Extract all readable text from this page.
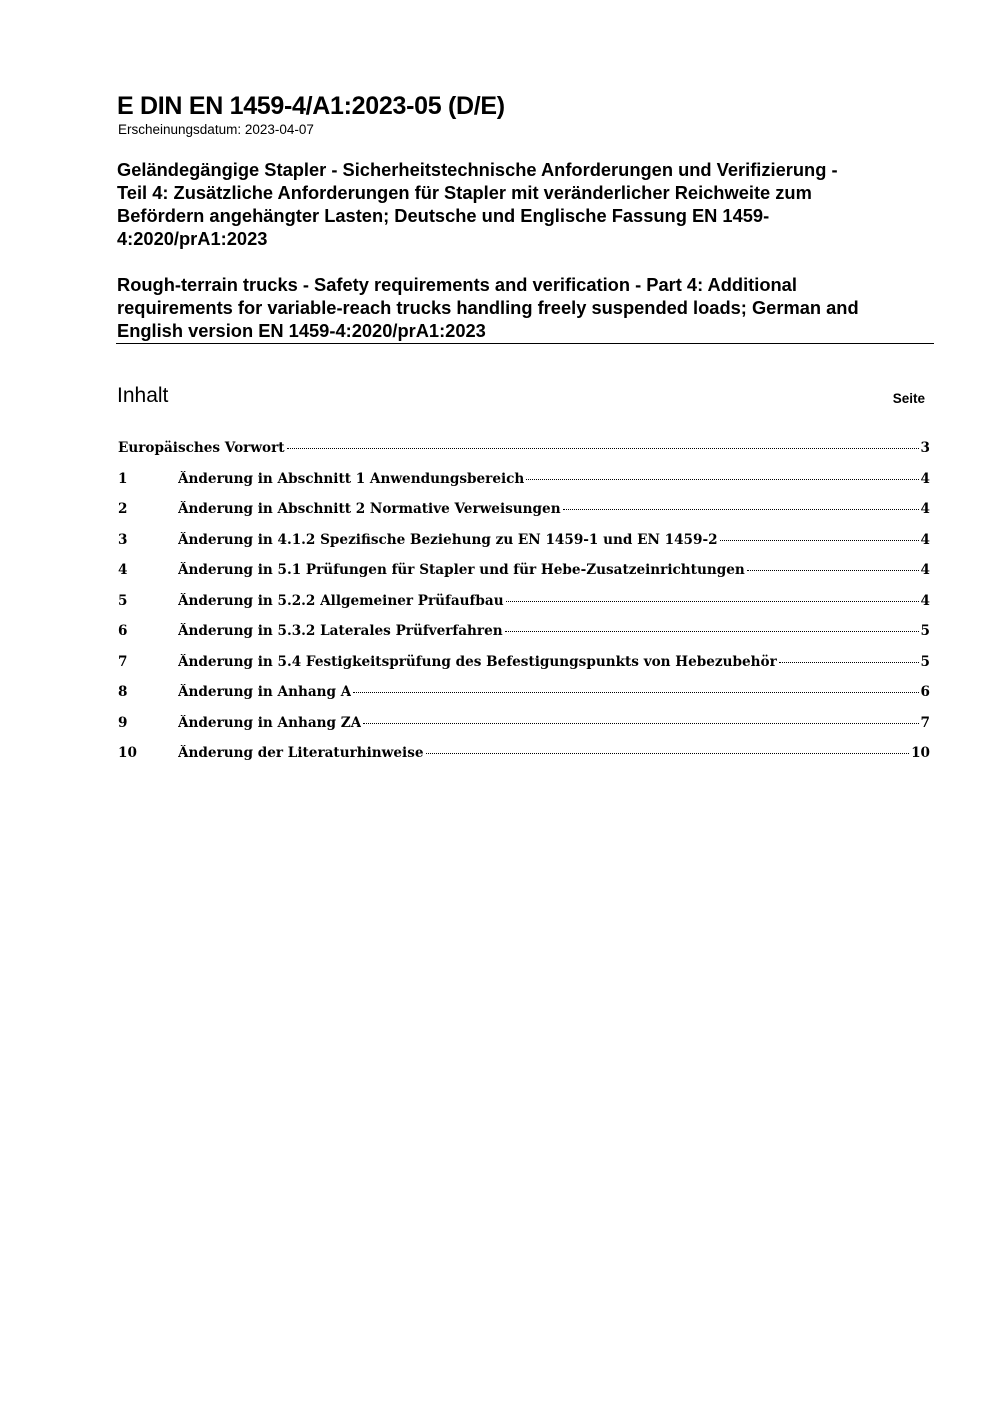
E DIN EN 1459-4/A1:2023-05 (D/E)
Erscheinungsdatum: 2023-04-07
Geländegängige Stapler - Sicherheitstechnische Anforderungen und Verifizierung -
Teil 4: Zusätzliche Anforderungen für Stapler mit veränderlicher Reichweite zum
Befördern angehängter Lasten; Deutsche und Englische Fassung EN 1459-
4:2020/prA1:2023
Rough-terrain trucks - Safety requirements and verification - Part 4: Additional
requirements for variable-reach trucks handling freely suspended loads; German and
English version EN 1459-4:2020/prA1:2023
Inhalt	Seite
Europäisches Vorwort	3
1	Änderung in Abschnitt 1 Anwendungsbereich	4
2	Änderung in Abschnitt 2 Normative Verweisungen	4
3	Änderung in 4.1.2 Spezifische Beziehung zu EN 1459-1 und EN 1459-2	4
4	Änderung in 5.1 Prüfungen für Stapler und für Hebe-Zusatzeinrichtungen	4
5	Änderung in 5.2.2 Allgemeiner Prüfaufbau	4
6	Änderung in 5.3.2 Laterales Prüfverfahren	5
7	Änderung in 5.4 Festigkeitsprüfung des Befestigungspunkts von Hebezubehör	5
8	Änderung in Anhang A	6
9	Änderung in Anhang ZA	7
10	Änderung der Literaturhinweise	10
